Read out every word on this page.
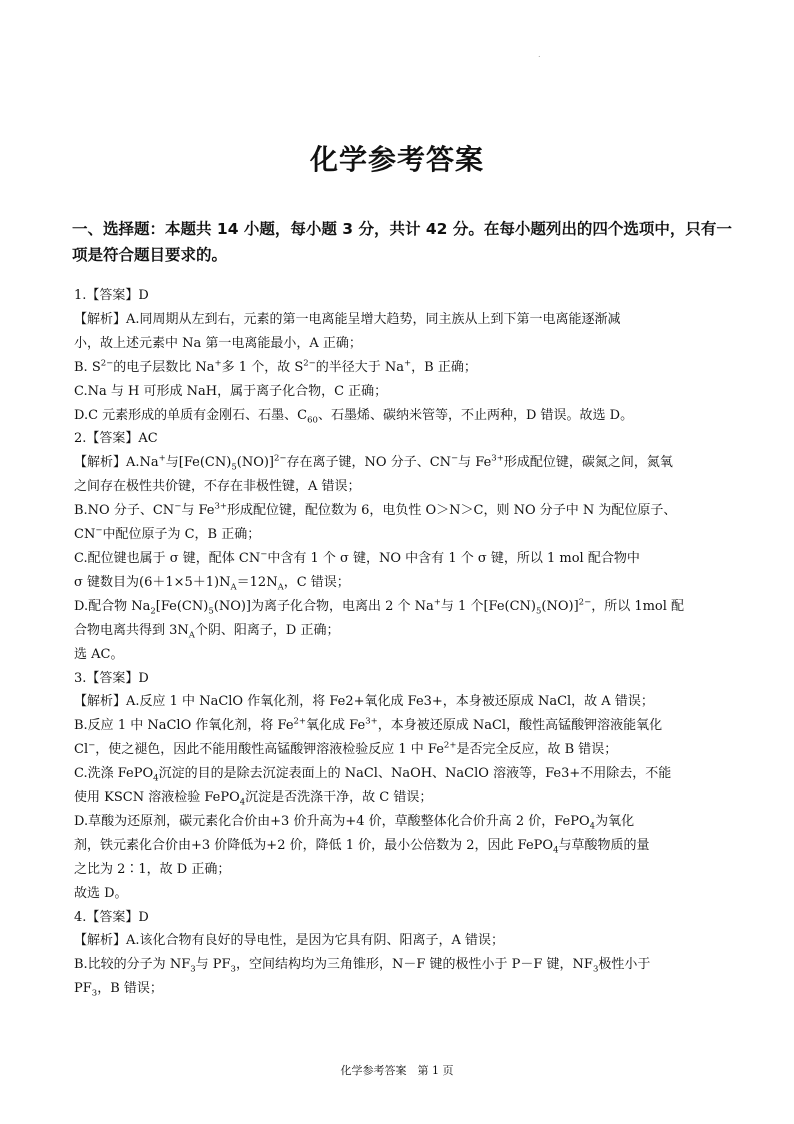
.
化学参考答案
一、选择题：本题共 14 小题，每小题 3 分，共计 42 分。在每小题列出的四个选项中，只有一项是符合题目要求的。

1.【答案】D

【解析】A.同周期从左到右，元素的第一电离能呈增大趋势，同主族从上到下第一电离能逐渐减

小，故上述元素中 Na 第一电离能最小，A 正确；

B. $S^{2-}$的电子层数比 Na+多 1 个，故 $S^{2-}$的半径大于 Na+，B 正确；

C.Na 与 H 可形成 NaH，属于离子化合物，C 正确；

D.C 元素形成的单质有金刚石、石墨、$C_{60}$、石墨烯、碳纳米管等，不止两种，D 错误。故选 D。

2.【答案】AC

【解析】A.Na+与$[Fe(CN)_5(NO)]^{2-}$存在离子键，NO 分子、CN−与 $Fe^{3+}$形成配位键，碳氮之间，氮氧

之间存在极性共价键，不存在非极性键，A 错误；

B.NO 分子、CN−与 $Fe^{3+}$形成配位键，配位数为 6，电负性 O＞N＞C，则 NO 分子中 N 为配位原子、

CN−中配位原子为 C，B 正确；

C.配位键也属于 σ 键，配体 CN−中含有 1 个 σ 键，NO 中含有 1 个 σ 键，所以 1 mol 配合物中

σ 键数目为$(6+1\times 5+1)N_A=12N_A$，C 错误；

D.配合物 $Na_2[Fe(CN)_5(NO)]$为离子化合物，电离出 2 个 Na+与 1 个$[Fe(CN)_5(NO)]^{2-}$，所以 1mol 配

合物电离共得到 $3N_A$个阴、阳离子，D 正确；

选 AC。

3.【答案】D

【解析】A.反应 1 中 NaClO 作氧化剂，将 Fe2+氧化成 Fe3+，本身被还原成 NaCl，故 A 错误；

B.反应 1 中 NaClO 作氧化剂，将 $Fe^{2+}$氧化成 $Fe^{3+}$，本身被还原成 NaCl，酸性高锰酸钾溶液能氧化

Cl−，使之褪色，因此不能用酸性高锰酸钾溶液检验反应 1 中 $Fe^{2+}$是否完全反应，故 B 错误；

C.洗涤 FePO$_4$沉淀的目的是除去沉淀表面上的 NaCl、NaOH、NaClO 溶液等，Fe3+不用除去，不能

使用 KSCN 溶液检验 FePO$_4$沉淀是否洗涤干净，故 C 错误；

D.草酸为还原剂，碳元素化合价由+3 价升高为+4 价，草酸整体化合价升高 2 价，FePO$_4$为氧化

剂，铁元素化合价由+3 价降低为+2 价，降低 1 价，最小公倍数为 2，因此 FePO$_4$与草酸物质的量

之比为 2∶1，故 D 正确；

故选 D。

4.【答案】D

【解析】A.该化合物有良好的导电性，是因为它具有阴、阳离子，A 错误；

B.比较的分子为 $NF_3$与 $PF_3$，空间结构均为三角锥形，N－F 键的极性小于 P－F 键，$NF_3$极性小于

$PF_3$，B 错误；

化学参考答案　第 1 页
